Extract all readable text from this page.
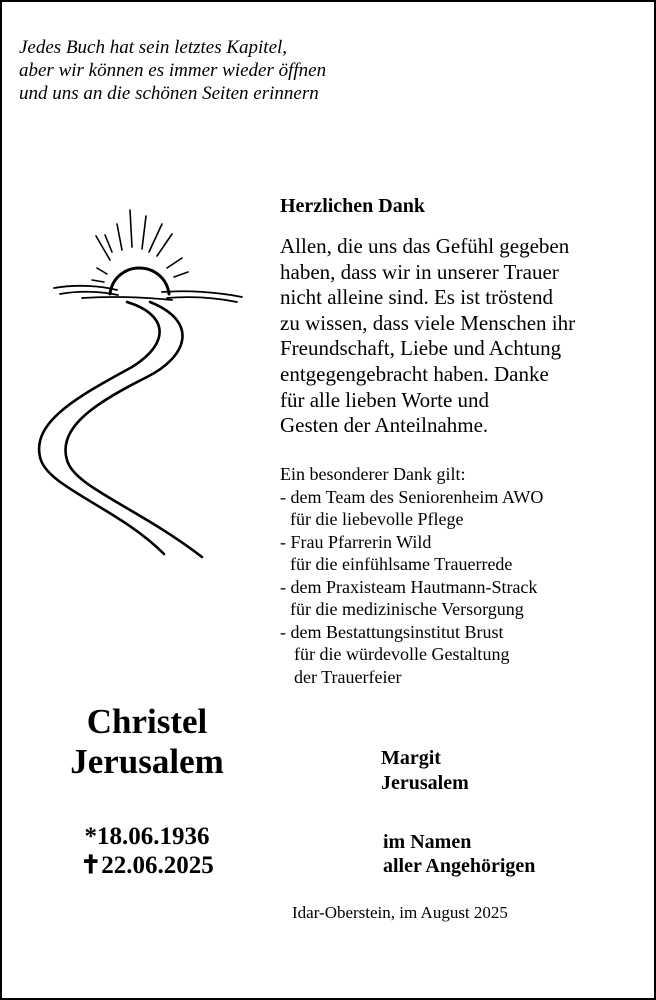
Jedes Buch hat sein letztes Kapitel,
aber wir können es immer wieder öffnen
und uns an die schönen Seiten erinnern
Herzlichen Dank
Allen, die uns das Gefühl gegeben
haben, dass wir in unserer Trauer
nicht alleine sind. Es ist tröstend
zu wissen, dass viele Menschen ihr
Freundschaft, Liebe und Achtung
entgegengebracht haben. Danke
für alle lieben Worte und
Gesten der Anteilnahme.
Ein besonderer Dank gilt:
- dem Team des Seniorenheim AWO
für die liebevolle Pflege
- Frau Pfarrerin Wild
für die einfühlsame Trauerrede
- dem Praxisteam Hautmann-Strack
für die medizinische Versorgung
- dem Bestattungsinstitut Brust
für die würdevolle Gestaltung
der Trauerfeier
Christel
Jerusalem
*18.06.1936
✝22.06.2025
Margit
Jerusalem
im Namen
aller Angehörigen
Idar-Oberstein, im August 2025
